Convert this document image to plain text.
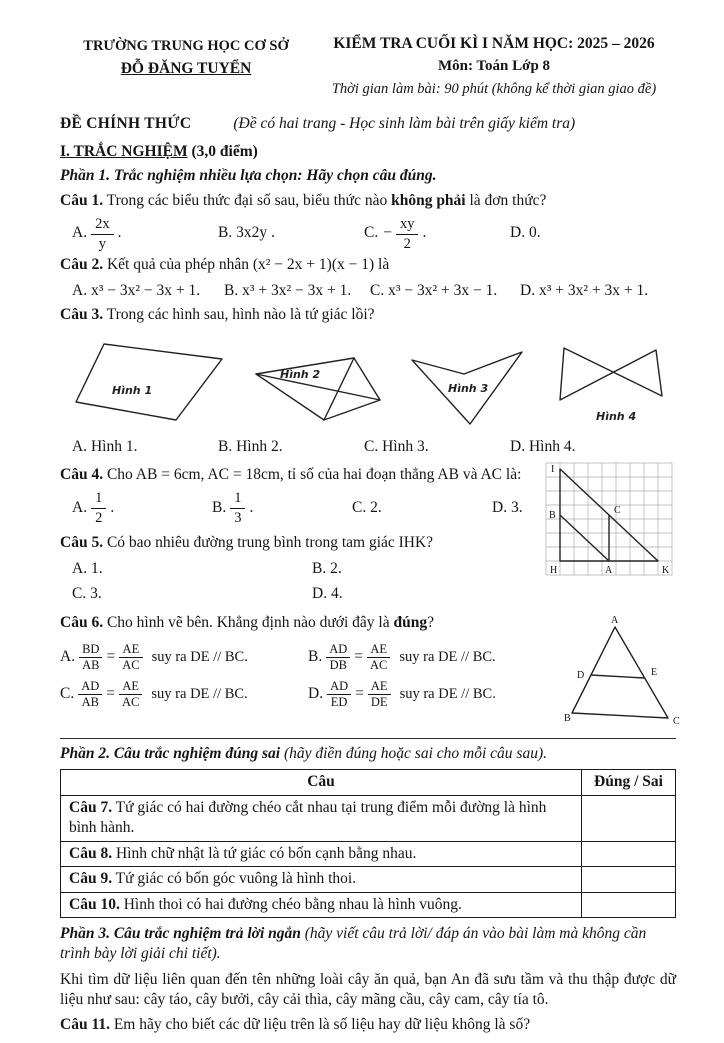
TRƯỜNG TRUNG HỌC CƠ SỞ
ĐỖ ĐĂNG TUYỂN
KIỂM TRA CUỐI KÌ I NĂM HỌC: 2025 – 2026
Môn: Toán Lớp 8
Thời gian làm bài: 90 phút (không kể thời gian giao đề)
ĐỀ CHÍNH THỨC	(Đề có hai trang - Học sinh làm bài trên giấy kiểm tra)
I. TRẮC NGHIỆM (3,0 điểm)
Phần 1. Trắc nghiệm nhiều lựa chọn: Hãy chọn câu đúng.
Câu 1. Trong các biểu thức đại số sau, biểu thức nào không phải là đơn thức?
A. $\frac{2x}{y}$ .	B. 3x2y .	C. − $\frac{xy}{2}$ .	D. 0.
Câu 2. Kết quả của phép nhân (x² − 2x + 1)(x − 1) là
A. x³ − 3x² − 3x + 1. B. x³ + 3x² − 3x + 1. C. x³ − 3x² + 3x − 1. D. x³ + 3x² + 3x + 1.
Câu 3. Trong các hình sau, hình nào là tứ giác lồi?
Hình 1
Hình 2
Hình 3
Hình 4
A. Hình 1.	B. Hình 2.	C. Hình 3.	D. Hình 4.
Câu 4. Cho AB = 6cm, AC = 18cm, tỉ số của hai đoạn thẳng AB và AC là:
A. $\frac{1}{2}$ .	B. $\frac{1}{3}$ .	C. 2.	D. 3.
Câu 5. Có bao nhiêu đường trung bình trong tam giác IHK?
A. 1.	B. 2.
C. 3.	D. 4.
I
B	C
H	A	K
Câu 6. Cho hình vẽ bên. Khẳng định nào dưới đây là đúng?
A. $\frac{BD}{AB} = \frac{AE}{AC}$ suy ra DE // BC.	B. $\frac{AD}{DB} = \frac{AE}{AC}$ suy ra DE // BC.
C. $\frac{AD}{AB} = \frac{AE}{AC}$ suy ra DE // BC.	D. $\frac{AD}{ED} = \frac{AE}{DE}$ suy ra DE // BC.
A
D	E
B	C
Phần 2. Câu trắc nghiệm đúng sai (hãy điền đúng hoặc sai cho mỗi câu sau).
Câu	Đúng / Sai
Câu 7. Tứ giác có hai đường chéo cắt nhau tại trung điểm mỗi đường là hình bình hành.	
Câu 8. Hình chữ nhật là tứ giác có bốn cạnh bằng nhau.	
Câu 9. Tứ giác có bốn góc vuông là hình thoi.	
Câu 10. Hình thoi có hai đường chéo bằng nhau là hình vuông.	
Phần 3. Câu trắc nghiệm trả lời ngắn (hãy viết câu trả lời/ đáp án vào bài làm mà không cần trình bày lời giải chi tiết).
Khi tìm dữ liệu liên quan đến tên những loài cây ăn quả, bạn An đã sưu tầm và thu thập được dữ liệu như sau: cây táo, cây bưởi, cây cải thìa, cây mãng cầu, cây cam, cây tía tô.
Câu 11. Em hãy cho biết các dữ liệu trên là số liệu hay dữ liệu không là số?
